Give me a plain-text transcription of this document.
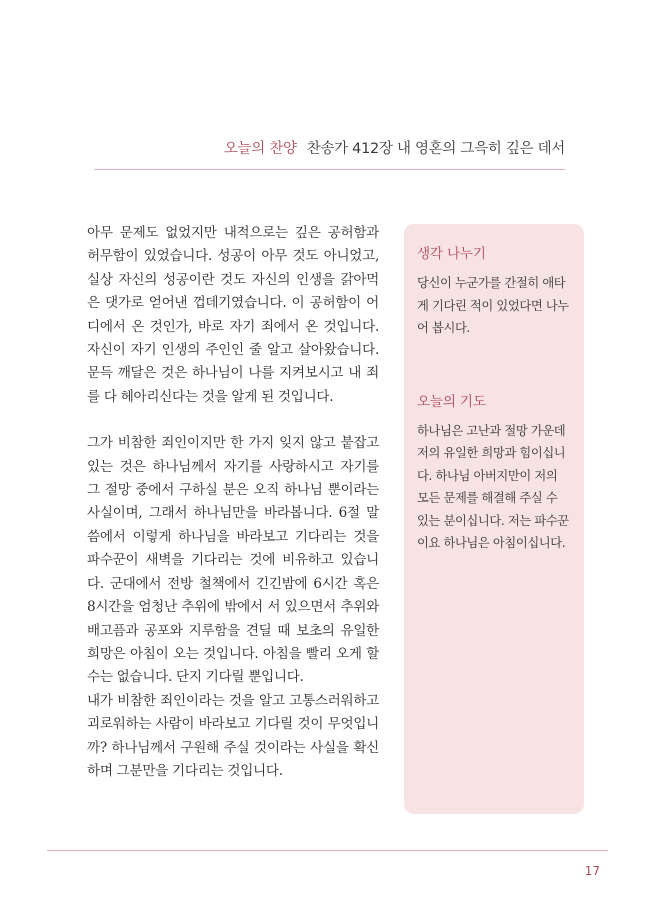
오늘의 찬양 찬송가 412장 내 영혼의 그윽히 깊은 데서

아무 문제도 없었지만 내적으로는 깊은 공허함과 허무함이 있었습니다. 성공이 아무 것도 아니었고, 실상 자신의 성공이란 것도 자신의 인생을 갉아먹은 댓가로 얻어낸 껍데기였습니다. 이 공허함이 어디에서 온 것인가, 바로 자기 죄에서 온 것입니다. 자신이 자기 인생의 주인인 줄 알고 살아왔습니다. 문득 깨달은 것은 하나님이 나를 지켜보시고 내 죄를 다 헤아리신다는 것을 알게 된 것입니다.

그가 비참한 죄인이지만 한 가지 잊지 않고 붙잡고 있는 것은 하나님께서 자기를 사랑하시고 자기를 그 절망 중에서 구하실 분은 오직 하나님 뿐이라는 사실이며, 그래서 하나님만을 바라봅니다. 6절 말씀에서 이렇게 하나님을 바라보고 기다리는 것을 파수꾼이 새벽을 기다리는 것에 비유하고 있습니다. 군대에서 전방 철책에서 긴긴밤에 6시간 혹은 8시간을 엄청난 추위에 밖에서 서 있으면서 추위와 배고픔과 공포와 지루함을 견딜 때 보초의 유일한 희망은 아침이 오는 것입니다. 아침을 빨리 오게 할 수는 없습니다. 단지 기다릴 뿐입니다.

내가 비참한 죄인이라는 것을 알고 고통스러워하고 괴로워하는 사람이 바라보고 기다릴 것이 무엇입니까? 하나님께서 구원해 주실 것이라는 사실을 확신하며 그분만을 기다리는 것입니다.

생각 나누기
당신이 누군가를 간절히 애타게 기다린 적이 있었다면 나누어 봅시다.
오늘의 기도
하나님은 고난과 절망 가운데 저의 유일한 희망과 힘이십니다. 하나님 아버지만이 저의 모든 문제를 해결해 주실 수 있는 분이십니다. 저는 파수꾼이요 하나님은 아침이십니다.
17
